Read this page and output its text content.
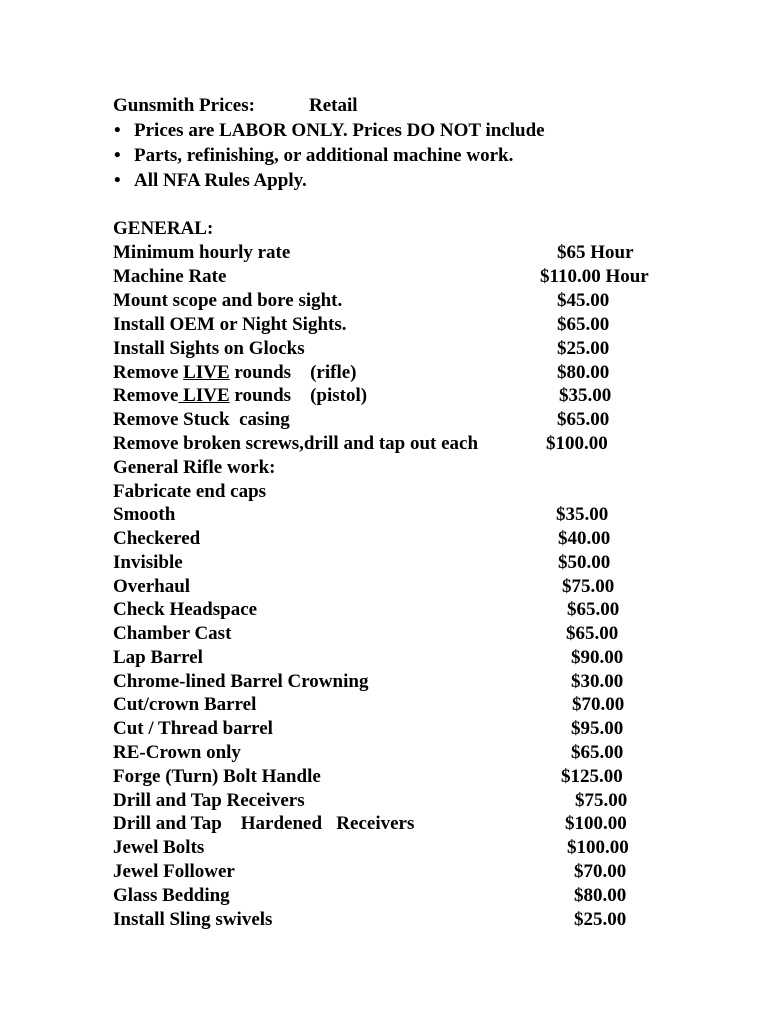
Gunsmith Prices:	Retail
• Prices are LABOR ONLY. Prices DO NOT include
• Parts, refinishing, or additional machine work.
• All NFA Rules Apply.
GENERAL:
Minimum hourly rate	$65 Hour
Machine Rate	$110.00 Hour
Mount scope and bore sight.	$45.00
Install OEM or Night Sights.	$65.00
Install Sights on Glocks	$25.00
Remove LIVE rounds    (rifle)	$80.00
Remove LIVE rounds    (pistol)	$35.00
Remove Stuck  casing	$65.00
Remove broken screws,drill and tap out each	$100.00
General Rifle work:
Fabricate end caps
Smooth	$35.00
Checkered	$40.00
Invisible	$50.00
Overhaul	$75.00
Check Headspace	$65.00
Chamber Cast	$65.00
Lap Barrel	$90.00
Chrome-lined Barrel Crowning	$30.00
Cut/crown Barrel	$70.00
Cut / Thread barrel	$95.00
RE-Crown only	$65.00
Forge (Turn) Bolt Handle	$125.00
Drill and Tap Receivers	$75.00
Drill and Tap    Hardened   Receivers	$100.00
Jewel Bolts	$100.00
Jewel Follower	$70.00
Glass Bedding	$80.00
Install Sling swivels	$25.00
